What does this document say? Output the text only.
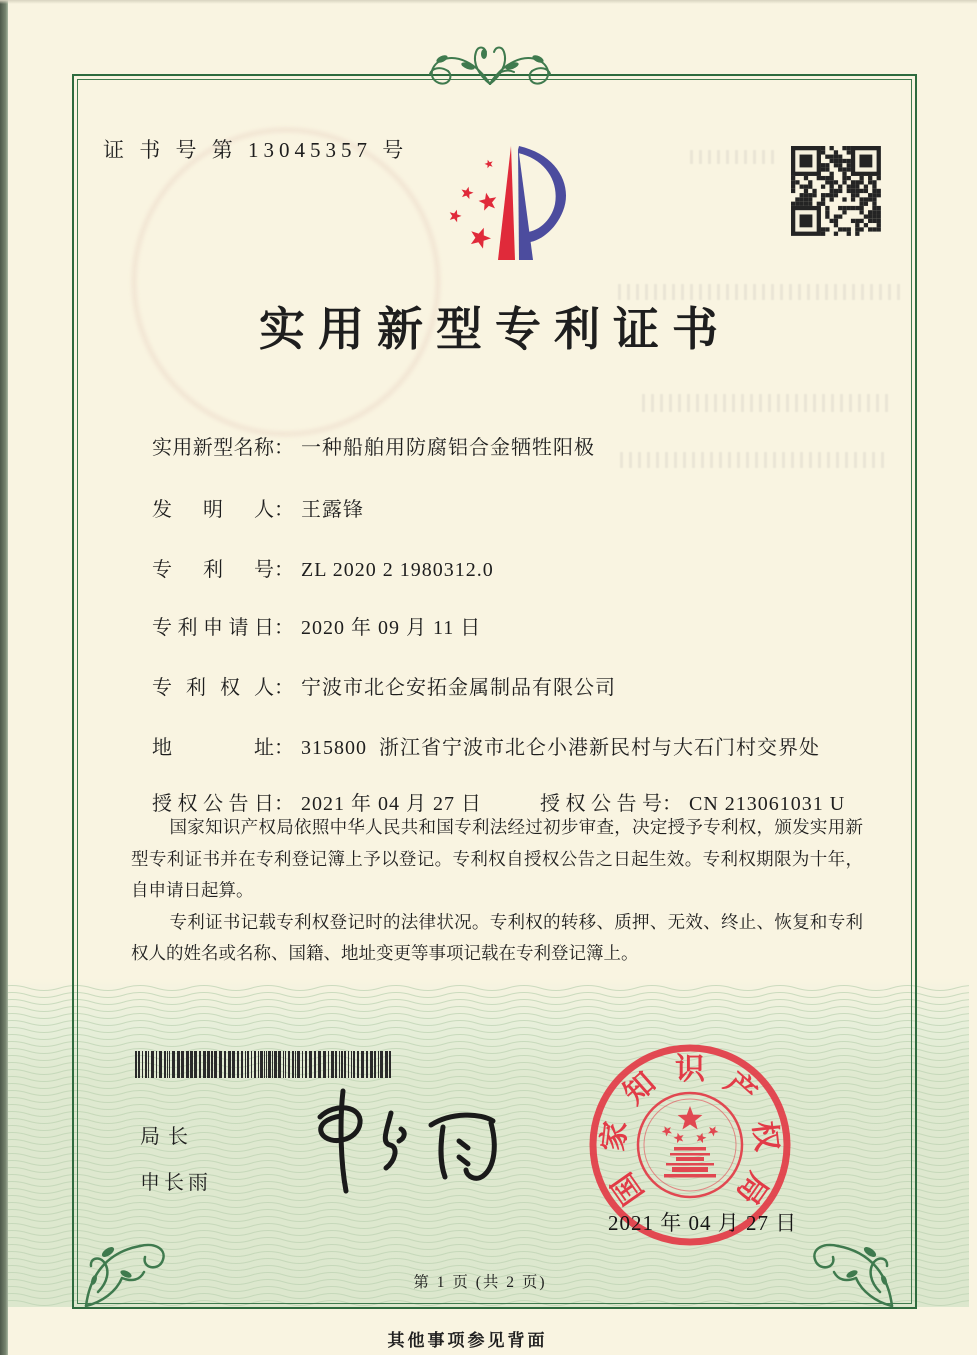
证 书 号 第 13045357 号
实用新型专利证书

实用新型名称： 一种船舶用防腐铝合金牺牲阳极

发明人： 王露锋

专利号： ZL 2020 2 1980312.0

专利申请日： 2020 年 09 月 11 日

专利权人： 宁波市北仑安拓金属制品有限公司

地址： 315800  浙江省宁波市北仑小港新民村与大石门村交界处

授权公告日： 2021 年 04 月 27 日	授权公告号： CN 213061031 U

国家知识产权局依照中华人民共和国专利法经过初步审查，决定授予专利权，颁发实用新型专利证书并在专利登记簿上予以登记。专利权自授权公告之日起生效。专利权期限为十年，自申请日起算。

专利证书记载专利权登记时的法律状况。专利权的转移、质押、无效、终止、恢复和专利权人的姓名或名称、国籍、地址变更等事项记载在专利登记簿上。

局长
申长雨	国
家
知 识 产
权
局
2021 年 04 月 27 日
第 1 页 (共 2 页)
其他事项参见背面
